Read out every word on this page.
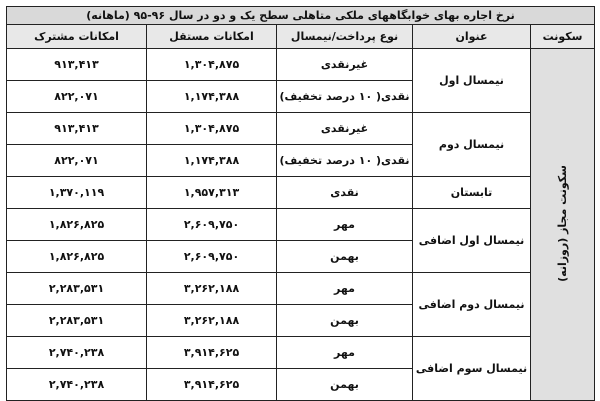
نرخ اجاره بهای خوابگاههای ملکی متاهلی سطح یک و دو در سال ۹۶-۹۵ (ماهانه)				
سکونت	عنوان	نوع پرداخت/نیمسال	امکانات مستقل	امکانات مشترک
سکونت مجاز (روزانه)	نیمسال اول	غیرنقدی	۱,۳۰۴,۸۷۵	۹۱۳,۴۱۳
		نقدی( ۱۰ درصد تخفیف)	۱,۱۷۴,۳۸۸	۸۲۲,۰۷۱
	نیمسال دوم	غیرنقدی	۱,۳۰۴,۸۷۵	۹۱۳,۴۱۳
		نقدی( ۱۰ درصد تخفیف)	۱,۱۷۴,۳۸۸	۸۲۲,۰۷۱
	تابستان	نقدی	۱,۹۵۷,۳۱۳	۱,۳۷۰,۱۱۹
	نیمسال اول اضافی	مهر	۲,۶۰۹,۷۵۰	۱,۸۲۶,۸۲۵
		بهمن	۲,۶۰۹,۷۵۰	۱,۸۲۶,۸۲۵
	نیمسال دوم اضافی	مهر	۳,۲۶۲,۱۸۸	۲,۲۸۳,۵۳۱
		بهمن	۳,۲۶۲,۱۸۸	۲,۲۸۳,۵۳۱
	نیمسال سوم اضافی	مهر	۳,۹۱۴,۶۲۵	۲,۷۴۰,۲۳۸
		بهمن	۳,۹۱۴,۶۲۵	۲,۷۴۰,۲۳۸
